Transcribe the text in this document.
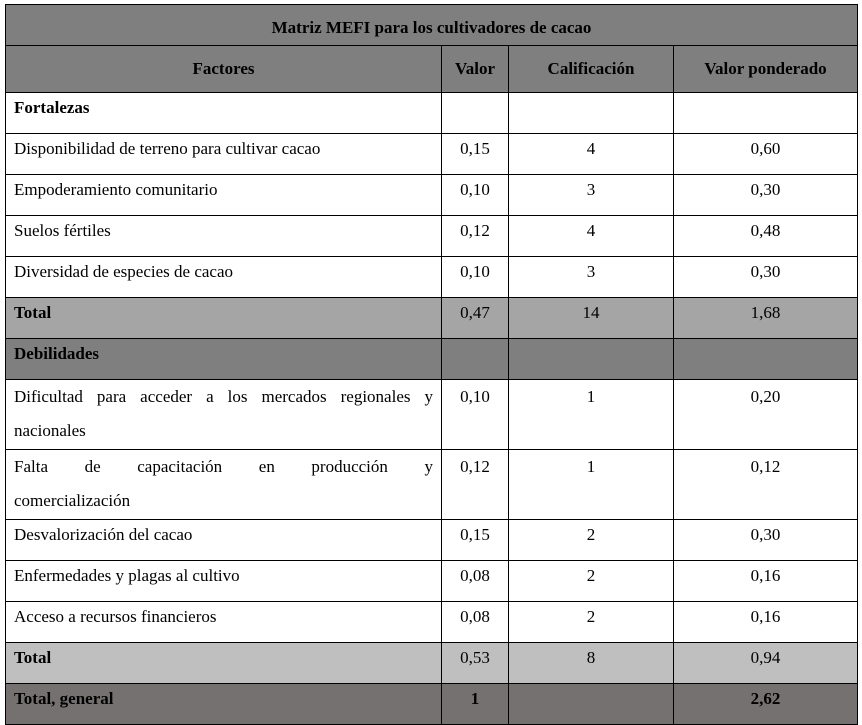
Matriz MEFI para los cultivadores de cacao			
Factores	Valor	Calificación	Valor ponderado
Fortalezas			
Disponibilidad de terreno para cultivar cacao	0,15	4	0,60
Empoderamiento comunitario	0,10	3	0,30
Suelos fértiles	0,12	4	0,48
Diversidad de especies de cacao	0,10	3	0,30
Total	0,47	14	1,68
Debilidades			
Dificultad para acceder a los mercados regionales y nacionales	0,10	1	0,20
Falta de capacitación en producción y comercialización	0,12	1	0,12
Desvalorización del cacao	0,15	2	0,30
Enfermedades y plagas al cultivo	0,08	2	0,16
Acceso a recursos financieros	0,08	2	0,16
Total	0,53	8	0,94
Total, general	1		2,62
